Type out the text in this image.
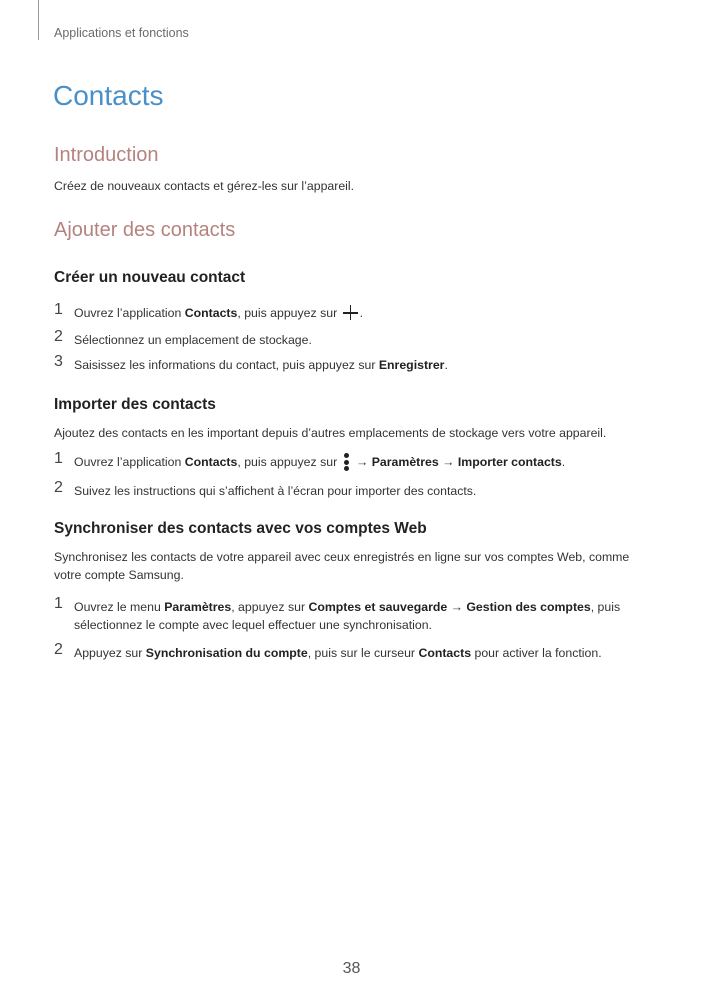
Applications et fonctions
Contacts
Introduction

Créez de nouveaux contacts et gérez-les sur l’appareil.

Ajouter des contacts
Créer un nouveau contact
1 Ouvrez l’application Contacts, puis appuyez sur .
2 Sélectionnez un emplacement de stockage.
3 Saisissez les informations du contact, puis appuyez sur Enregistrer.
Importer des contacts

Ajoutez des contacts en les important depuis d’autres emplacements de stockage vers votre appareil.

1 Ouvrez l’application Contacts, puis appuyez sur
→ Paramètres → Importer contacts.
2 Suivez les instructions qui s’affichent à l’écran pour importer des contacts.
Synchroniser des contacts avec vos comptes Web

Synchronisez les contacts de votre appareil avec ceux enregistrés en ligne sur vos comptes Web, comme votre compte Samsung.

1 Ouvrez le menu Paramètres, appuyez sur Comptes et sauvegarde → Gestion des comptes, puis sélectionnez le compte avec lequel effectuer une synchronisation.
2 Appuyez sur Synchronisation du compte, puis sur le curseur Contacts pour activer la fonction.
38
